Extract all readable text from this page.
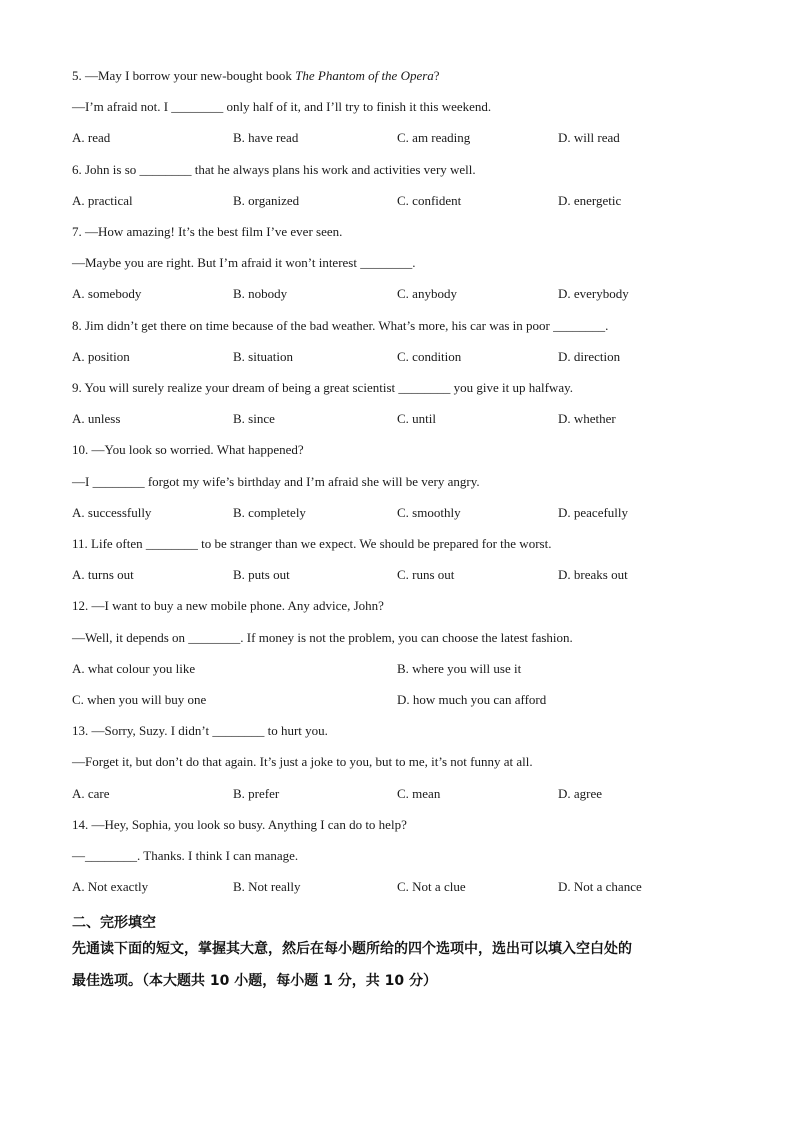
5. —May I borrow your new-bought book The Phantom of the Opera?
—I’m afraid not. I ________ only half of it, and I’ll try to finish it this weekend.
A. read	B. have read	C. am reading	D. will read
6. John is so ________ that he always plans his work and activities very well.
A. practical	B. organized	C. confident	D. energetic
7. —How amazing! It’s the best film I’ve ever seen.
—Maybe you are right. But I’m afraid it won’t interest ________.
A. somebody	B. nobody	C. anybody	D. everybody
8. Jim didn’t get there on time because of the bad weather. What’s more, his car was in poor ________.
A. position	B. situation	C. condition	D. direction
9. You will surely realize your dream of being a great scientist ________ you give it up halfway.
A. unless	B. since	C. until	D. whether
10. —You look so worried. What happened?
—I ________ forgot my wife’s birthday and I’m afraid she will be very angry.
A. successfully	B. completely	C. smoothly	D. peacefully
11. Life often ________ to be stranger than we expect. We should be prepared for the worst.
A. turns out	B. puts out	C. runs out	D. breaks out
12. —I want to buy a new mobile phone. Any advice, John?
—Well, it depends on ________. If money is not the problem, you can choose the latest fashion.
A. what colour you like	B. where you will use it
C. when you will buy one	D. how much you can afford
13. —Sorry, Suzy. I didn’t ________ to hurt you.
—Forget it, but don’t do that again. It’s just a joke to you, but to me, it’s not funny at all.
A. care	B. prefer	C. mean	D. agree
14. —Hey, Sophia, you look so busy. Anything I can do to help?
—________. Thanks. I think I can manage.
A. Not exactly	B. Not really	C. Not a clue	D. Not a chance
二、完形填空
先通读下面的短文，掌握其大意，然后在每小题所给的四个选项中，选出可以填入空白处的
最佳选项。（本大题共 10 小题，每小题 1 分，共 10 分）
